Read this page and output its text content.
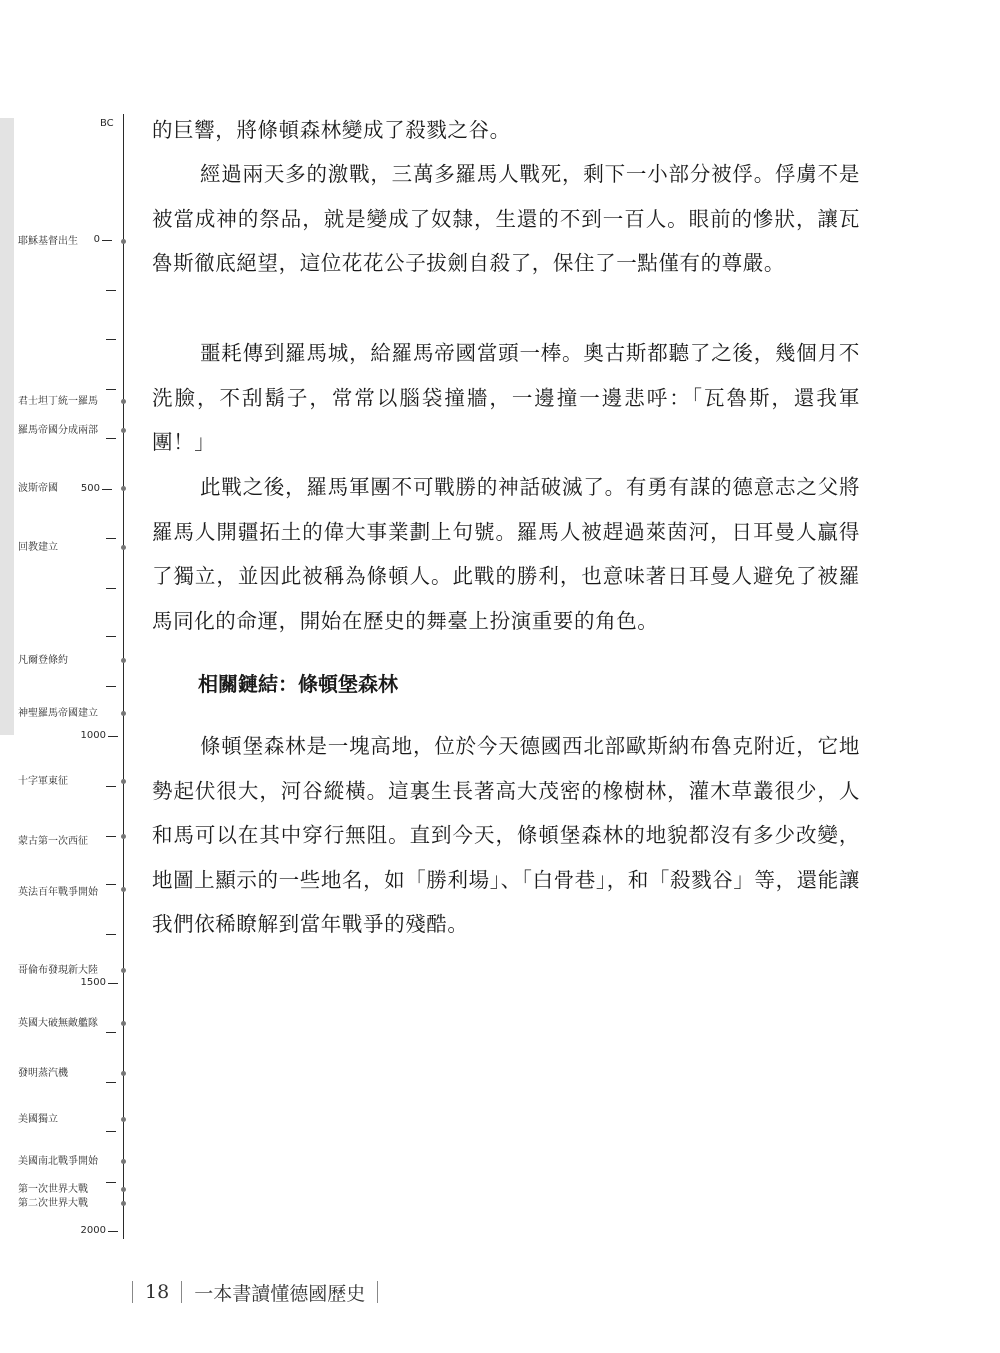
BC
0
500
1000
1500
2000
耶穌基督出生
君士坦丁統一羅馬
羅馬帝國分成兩部
波斯帝國
回教建立
凡爾登條約
神聖羅馬帝國建立
十字軍東征
蒙古第一次西征
英法百年戰爭開始
哥倫布發現新大陸
英國大破無敵艦隊
發明蒸汽機
美國獨立
美國南北戰爭開始
第一次世界大戰
第二次世界大戰

的巨響，將條頓森林變成了殺戮之谷。

經過兩天多的激戰，三萬多羅馬人戰死，剩下一小部分被俘。俘虜不是被當成神的祭品，就是變成了奴隸，生還的不到一百人。眼前的慘狀，讓瓦魯斯徹底絕望，這位花花公子拔劍自殺了，保住了一點僅有的尊嚴。

噩耗傳到羅馬城，給羅馬帝國當頭一棒。奧古斯都聽了之後，幾個月不洗臉，不刮鬍子，常常以腦袋撞牆，一邊撞一邊悲呼：「瓦魯斯，還我軍團！」

此戰之後，羅馬軍團不可戰勝的神話破滅了。有勇有謀的德意志之父將羅馬人開疆拓土的偉大事業劃上句號。羅馬人被趕過萊茵河，日耳曼人贏得了獨立，並因此被稱為條頓人。此戰的勝利，也意味著日耳曼人避免了被羅馬同化的命運，開始在歷史的舞臺上扮演重要的角色。

相關鏈結：條頓堡森林

條頓堡森林是一塊高地，位於今天德國西北部歐斯納布魯克附近，它地勢起伏很大，河谷縱橫。這裏生長著高大茂密的橡樹林，灌木草叢很少，人和馬可以在其中穿行無阻。直到今天，條頓堡森林的地貌都沒有多少改變，地圖上顯示的一些地名，如「勝利場」、「白骨巷」，和「殺戮谷」等，還能讓我們依稀瞭解到當年戰爭的殘酷。

18 一本書讀懂德國歷史
